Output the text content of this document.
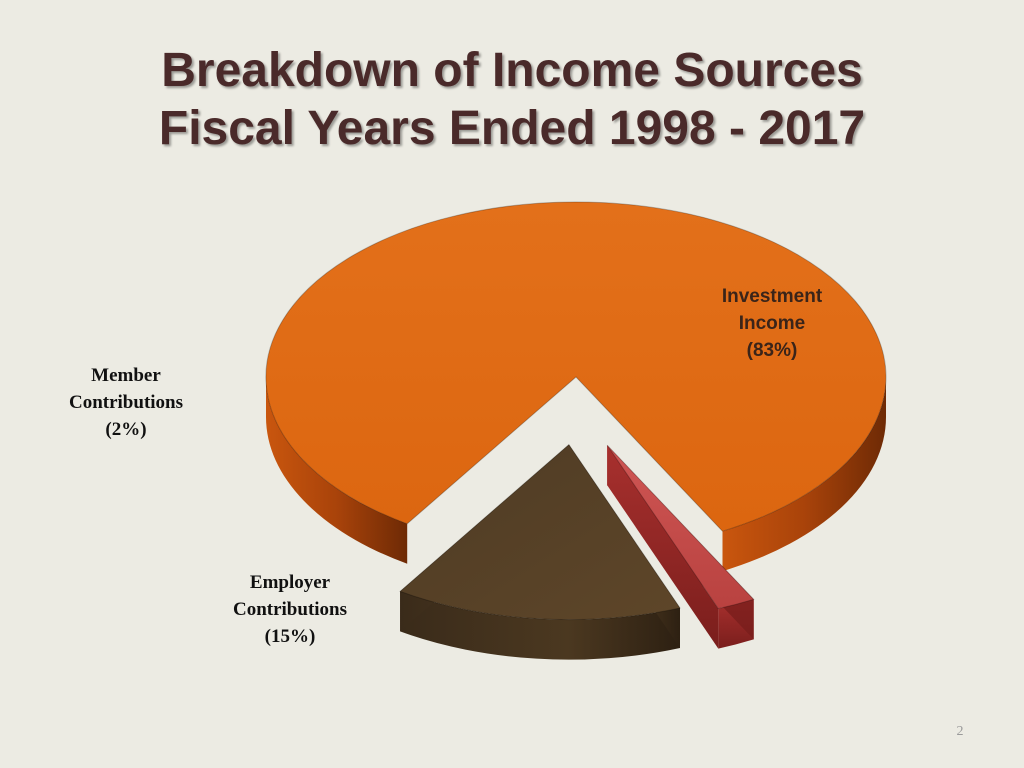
Breakdown of Income Sources
Fiscal Years Ended 1998 - 2017
Investment
Income
(83%)
Member
Contributions
(2%)
Employer
Contributions
(15%)
2
